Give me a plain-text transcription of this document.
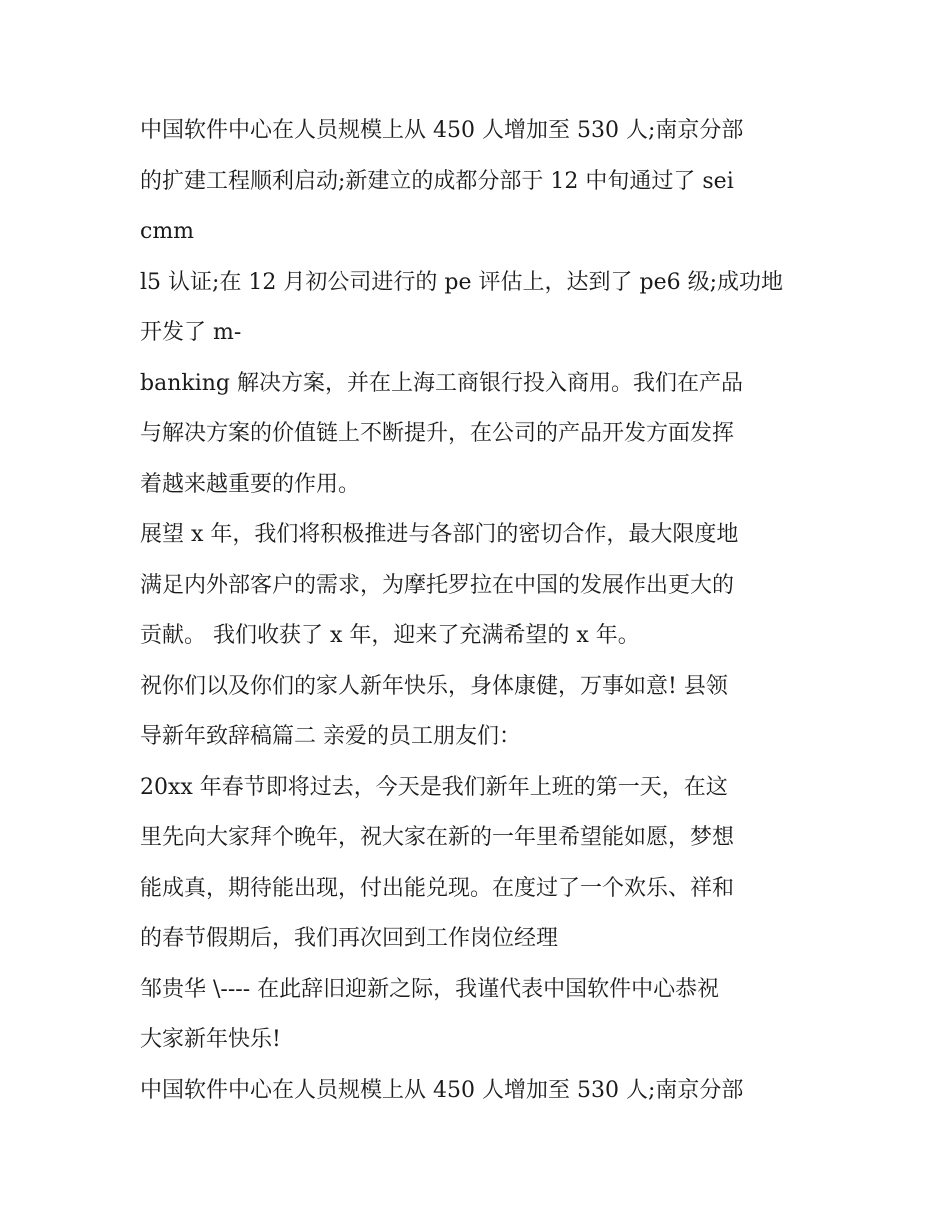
中国软件中心在人员规模上从 450 人增加至 530 人;南京分部
的扩建工程顺利启动;新建立的成都分部于 12 中旬通过了 sei
cmm
l5 认证;在 12 月初公司进行的 pe 评估上，达到了 pe6 级;成功地
开发了 m-
banking 解决方案，并在上海工商银行投入商用。我们在产品
与解决方案的价值链上不断提升，在公司的产品开发方面发挥
着越来越重要的作用。
展望 x 年，我们将积极推进与各部门的密切合作，最大限度地
满足内外部客户的需求，为摩托罗拉在中国的发展作出更大的
贡献。 我们收获了 x 年，迎来了充满希望的 x 年。
祝你们以及你们的家人新年快乐，身体康健，万事如意! 县领
导新年致辞稿篇二 亲爱的员工朋友们：
20xx 年春节即将过去，今天是我们新年上班的第一天，在这
里先向大家拜个晚年，祝大家在新的一年里希望能如愿，梦想
能成真，期待能出现，付出能兑现。在度过了一个欢乐、祥和
的春节假期后，我们再次回到工作岗位经理
邹贵华 \---- 在此辞旧迎新之际，我谨代表中国软件中心恭祝
大家新年快乐!
中国软件中心在人员规模上从 450 人增加至 530 人;南京分部
